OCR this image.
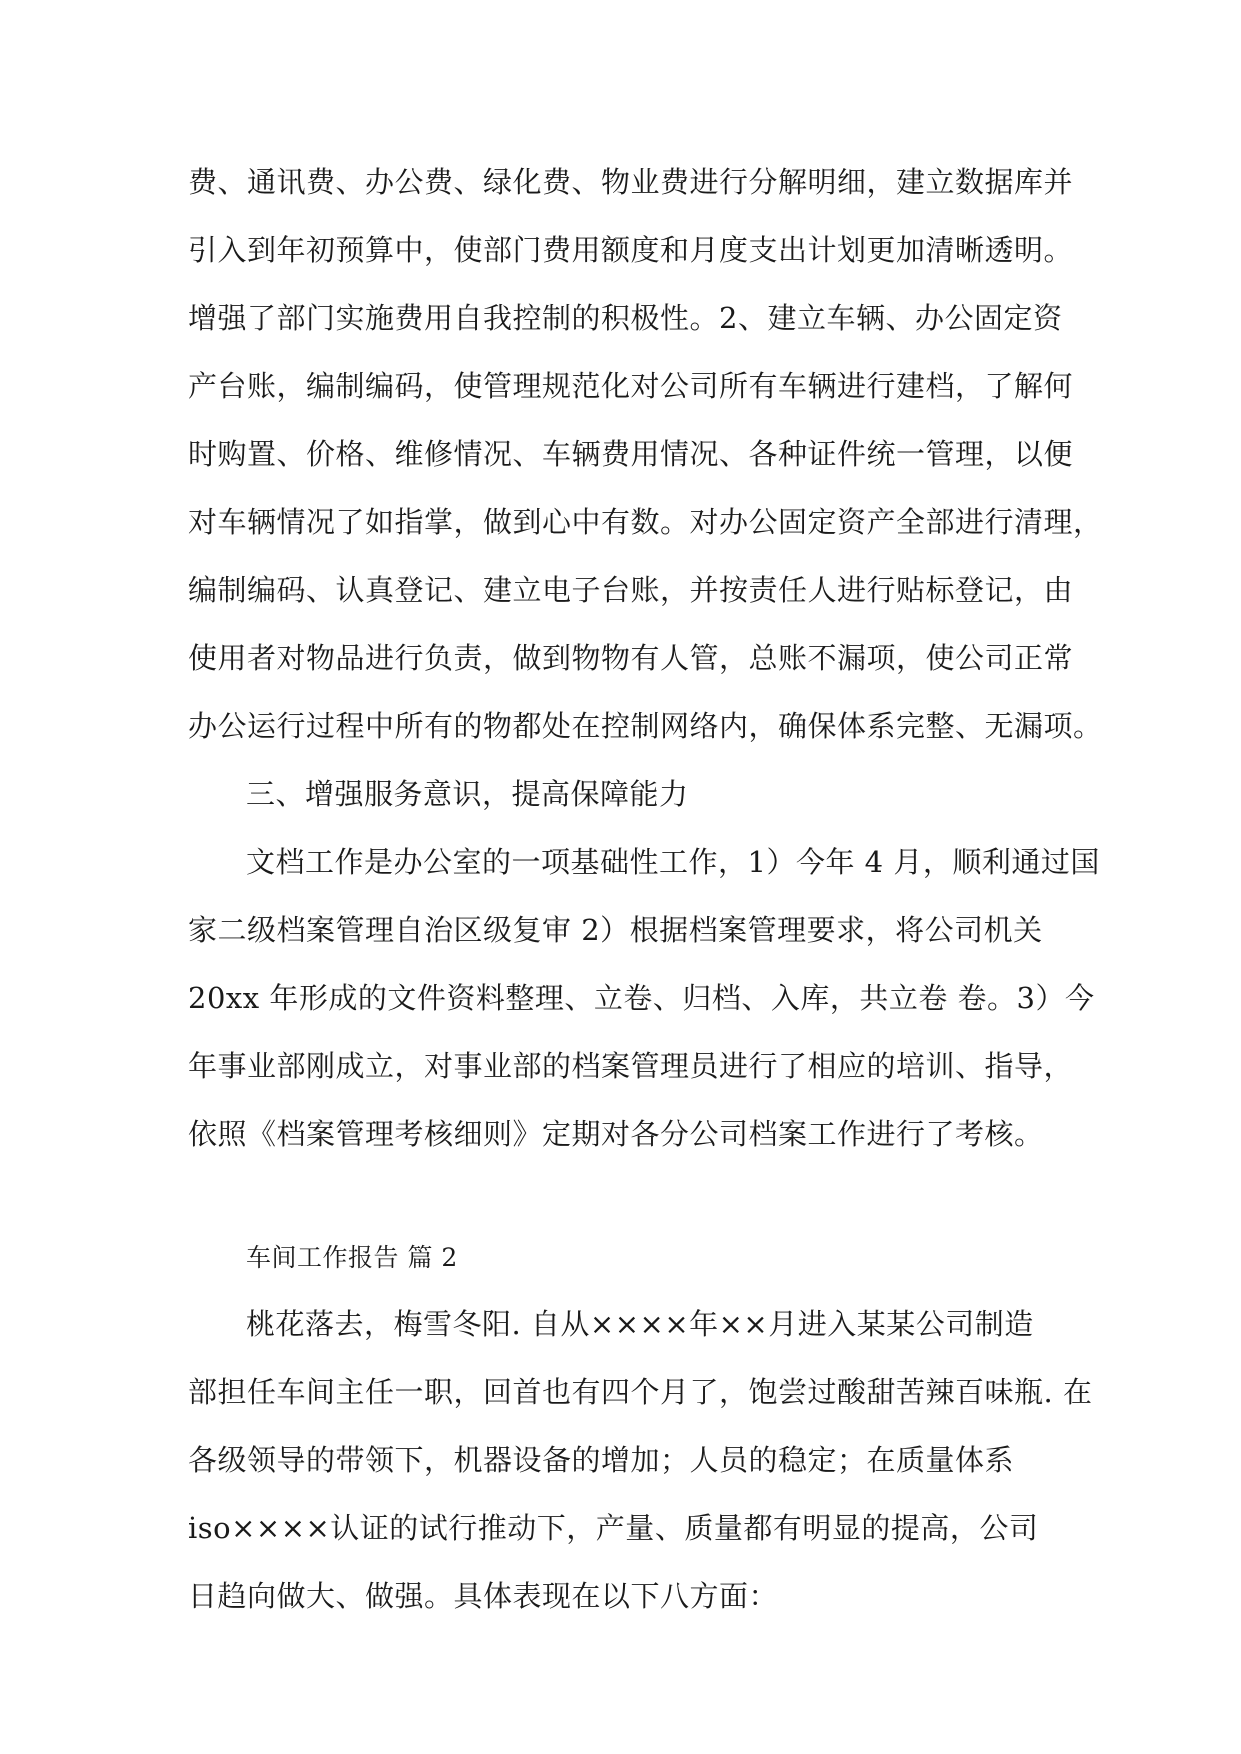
费、通讯费、办公费、绿化费、物业费进行分解明细，建立数据库并
引入到年初预算中，使部门费用额度和月度支出计划更加清晰透明。
增强了部门实施费用自我控制的积极性。2、建立车辆、办公固定资
产台账，编制编码，使管理规范化对公司所有车辆进行建档，了解何
时购置、价格、维修情况、车辆费用情况、各种证件统一管理，以便
对车辆情况了如指掌，做到心中有数。对办公固定资产全部进行清理，
编制编码、认真登记、建立电子台账，并按责任人进行贴标登记，由
使用者对物品进行负责，做到物物有人管，总账不漏项，使公司正常
办公运行过程中所有的物都处在控制网络内，确保体系完整、无漏项。
三、增强服务意识，提高保障能力
文档工作是办公室的一项基础性工作，1）今年 4 月，顺利通过国
家二级档案管理自治区级复审 2）根据档案管理要求，将公司机关
20xx 年形成的文件资料整理、立卷、归档、入库，共立卷 卷。3）今
年事业部刚成立，对事业部的档案管理员进行了相应的培训、指导，
依照《档案管理考核细则》定期对各分公司档案工作进行了考核。
车间工作报告 篇 2
桃花落去，梅雪冬阳. 自从××××年××月进入某某公司制造
部担任车间主任一职，回首也有四个月了，饱尝过酸甜苦辣百味瓶. 在
各级领导的带领下，机器设备的增加；人员的稳定；在质量体系
iso××××认证的试行推动下，产量、质量都有明显的提高，公司
日趋向做大、做强。具体表现在以下八方面：
